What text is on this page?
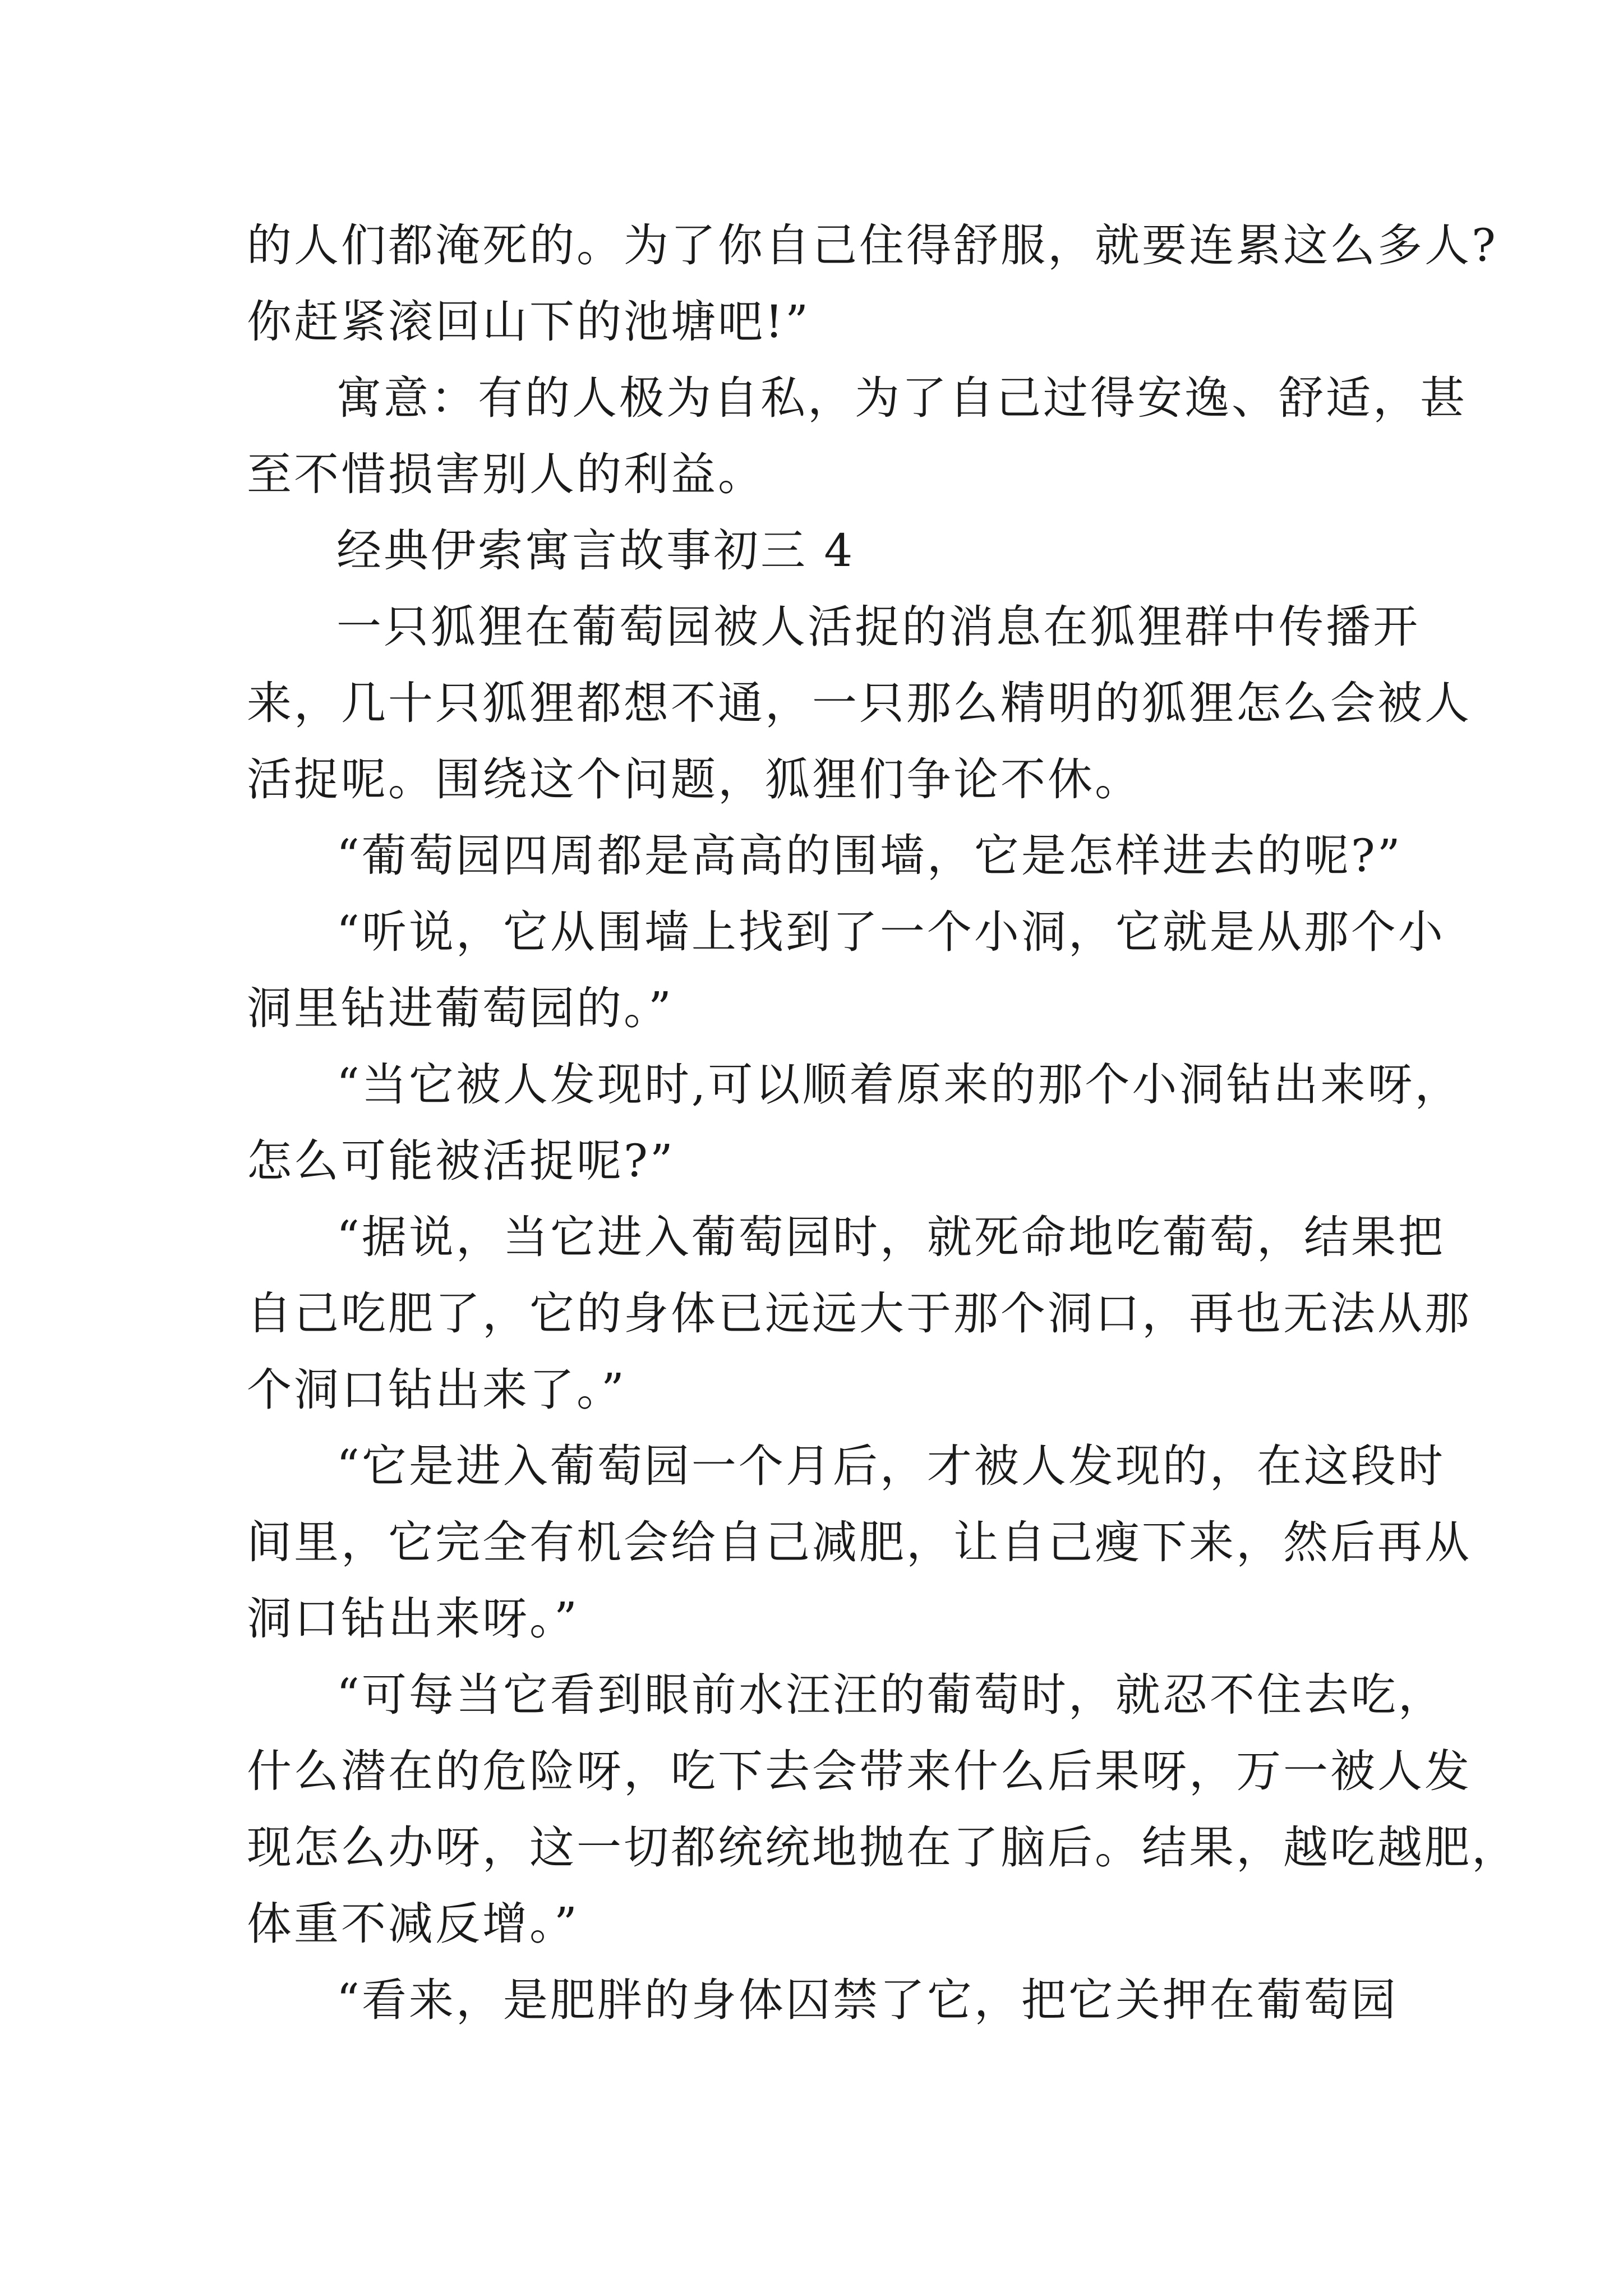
的人们都淹死的。为了你自己住得舒服，就要连累这么多人?
你赶紧滚回山下的池塘吧!”
寓意：有的人极为自私，为了自己过得安逸、舒适，甚
至不惜损害别人的利益。
经典伊索寓言故事初三 4
一只狐狸在葡萄园被人活捉的消息在狐狸群中传播开
来，几十只狐狸都想不通，一只那么精明的狐狸怎么会被人
活捉呢。围绕这个问题，狐狸们争论不休。
“葡萄园四周都是高高的围墙，它是怎样进去的呢?”
“听说，它从围墙上找到了一个小洞，它就是从那个小
洞里钻进葡萄园的。”
“当它被人发现时,可以顺着原来的那个小洞钻出来呀，
怎么可能被活捉呢?”
“据说，当它进入葡萄园时，就死命地吃葡萄，结果把
自己吃肥了，它的身体已远远大于那个洞口，再也无法从那
个洞口钻出来了。”
“它是进入葡萄园一个月后，才被人发现的，在这段时
间里，它完全有机会给自己减肥，让自己瘦下来，然后再从
洞口钻出来呀。”
“可每当它看到眼前水汪汪的葡萄时，就忍不住去吃，
什么潜在的危险呀，吃下去会带来什么后果呀，万一被人发
现怎么办呀，这一切都统统地抛在了脑后。结果，越吃越肥，
体重不减反增。”
“看来，是肥胖的身体囚禁了它，把它关押在葡萄园
